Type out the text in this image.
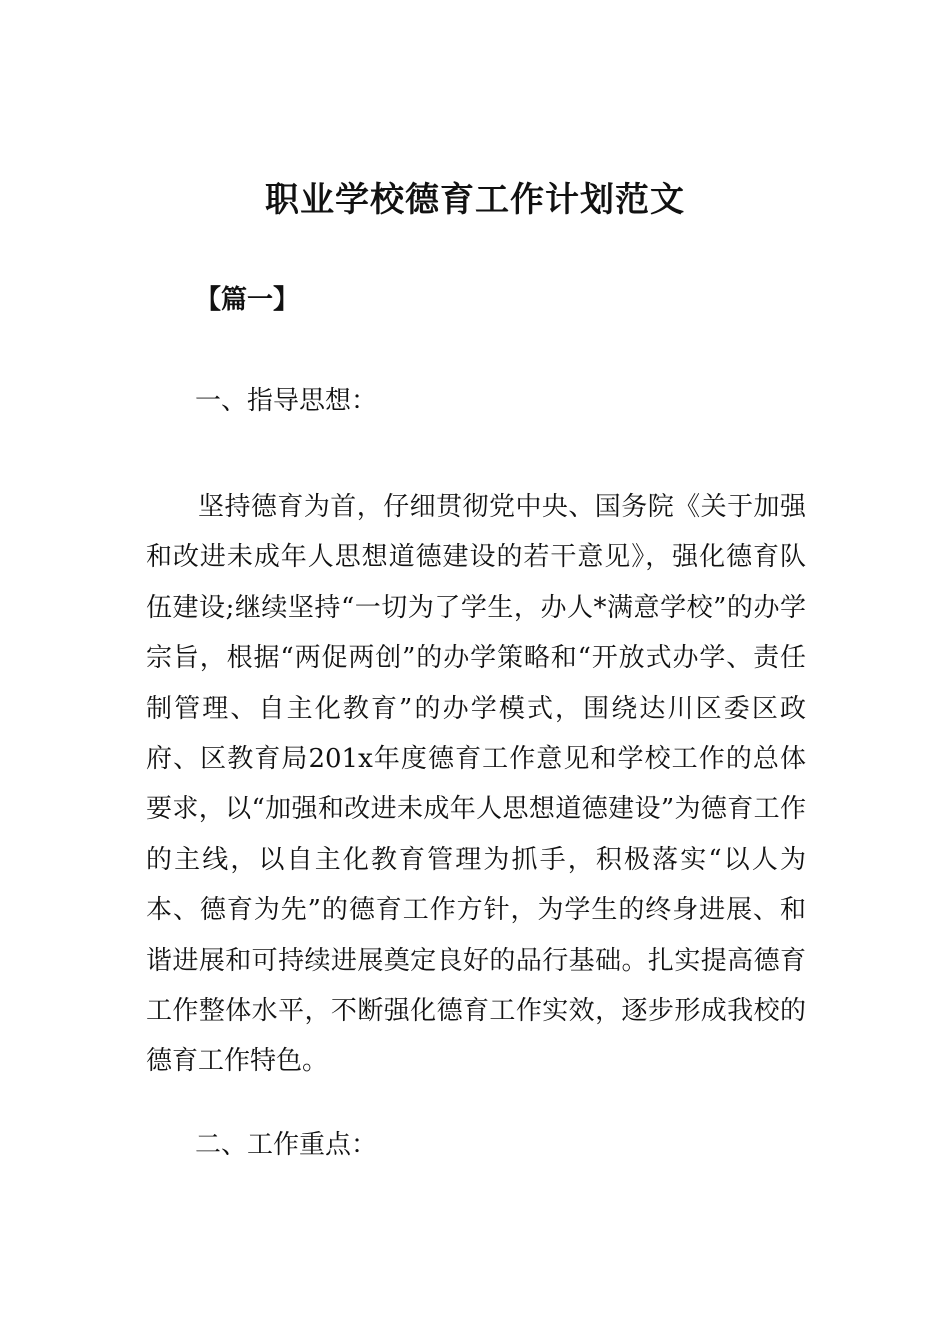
职业学校德育工作计划范文

【篇一】

一、指导思想：

坚持德育为首，仔细贯彻党中央、国务院《关于加强和改进未成年人思想道德建设的若干意见》，强化德育队伍建设;继续坚持“一切为了学生，办人*满意学校”的办学宗旨，根据“两促两创”的办学策略和“开放式办学、责任制管理、自主化教育”的办学模式，围绕达川区委区政府、区教育局201x年度德育工作意见和学校工作的总体要求，以“加强和改进未成年人思想道德建设”为德育工作的主线，以自主化教育管理为抓手，积极落实“以人为本、德育为先”的德育工作方针，为学生的终身进展、和谐进展和可持续进展奠定良好的品行基础。扎实提高德育工作整体水平，不断强化德育工作实效，逐步形成我校的德育工作特色。

二、工作重点：
